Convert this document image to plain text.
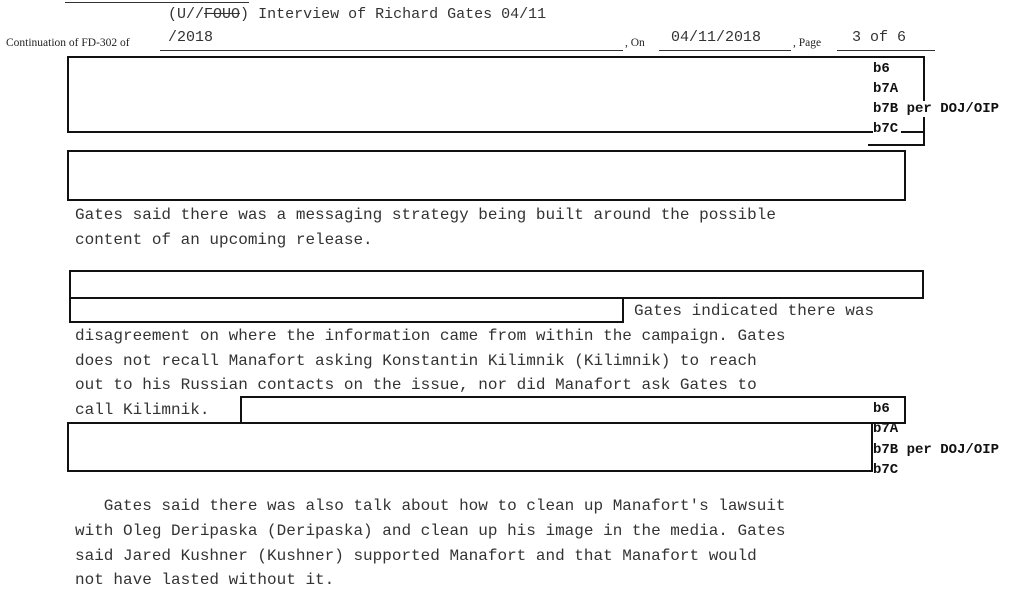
(U//FOUO) Interview of Richard Gates 04/11
Continuation of FD-302 of	/2018	, On 04/11/2018	, Page 3 of 6
b6
b7A
b7B per DOJ/OIP
b7C
Gates said there was a messaging strategy being built around the possible
content of an upcoming release.
Gates indicated there was
disagreement on where the information came from within the campaign. Gates
does not recall Manafort asking Konstantin Kilimnik (Kilimnik) to reach
out to his Russian contacts on the issue, nor did Manafort ask Gates to
call Kilimnik.	b6
b7A
b7B per DOJ/OIP
b7C
Gates said there was also talk about how to clean up Manafort's lawsuit
with Oleg Deripaska (Deripaska) and clean up his image in the media. Gates
said Jared Kushner (Kushner) supported Manafort and that Manafort would
not have lasted without it.
